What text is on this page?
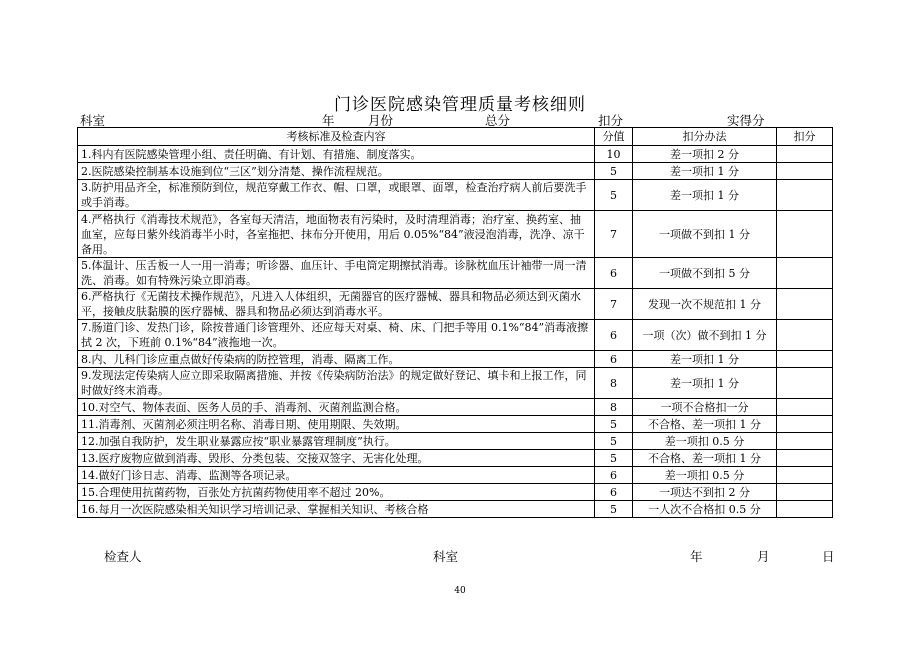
门诊医院感染管理质量考核细则
科室	年	月份	总分	扣分	实得分
考核标准及检查内容	分值	扣分办法	扣分
1.科内有医院感染管理小组、责任明确、有计划、有措施、制度落实。	10	差一项扣 2 分	
2.医院感染控制基本设施到位“三区”划分清楚、操作流程规范。	5	差一项扣 1 分	
3.防护用品齐全，标准预防到位，规范穿戴工作衣、帽、口罩，或眼罩、面罩，检查治疗病人前后要洗手或手消毒。	5	差一项扣 1 分	
4.严格执行《消毒技术规范》，各室每天清洁，地面物表有污染时，及时清理消毒；治疗室、换药室、抽血室，应每日紫外线消毒半小时，各室拖把、抹布分开使用，用后 0.05%“84”液浸泡消毒，洗净、凉干备用。	7	一项做不到扣 1 分	
5.体温计、压舌板一人一用一消毒；听诊器、血压计、手电筒定期擦拭消毒。诊脉枕血压计袖带一周一清洗、消毒。如有特殊污染立即消毒。	6	一项做不到扣 5 分	
6.严格执行《无菌技术操作规范》，凡进入人体组织，无菌器官的医疗器械、器具和物品必须达到灭菌水平，接触皮肤黏膜的医疗器械、器具和物品必须达到消毒水平。	7	发现一次不规范扣 1 分	
7.肠道门诊、发热门诊，除按普通门诊管理外、还应每天对桌、椅、床、门把手等用 0.1%“84”消毒液擦拭 2 次，下班前 0.1%“84”液拖地一次。	6	一项（次）做不到扣 1 分	
8.内、儿科门诊应重点做好传染病的防控管理，消毒、隔离工作。	6	差一项扣 1 分	
9.发现法定传染病人应立即采取隔离措施、并按《传染病防治法》的规定做好登记、填卡和上报工作，同时做好终末消毒。	8	差一项扣 1 分	
10.对空气、物体表面、医务人员的手、消毒剂、灭菌剂监测合格。	8	一项不合格扣一分	
11.消毒剂、灭菌剂必须注明名称、消毒日期、使用期限、失效期。	5	不合格、差一项扣 1 分	
12.加强自我防护，发生职业暴露应按“职业暴露管理制度”执行。	5	差一项扣 0.5 分	
13.医疗废物应做到消毒、毁形、分类包装、交接双签字、无害化处理。	5	不合格、差一项扣 1 分	
14.做好门诊日志、消毒、监测等各项记录。	6	差一项扣 0.5 分	
15.合理使用抗菌药物，百张处方抗菌药物使用率不超过 20%。	6	一项达不到扣 2 分	
16.每月一次医院感染相关知识学习培训记录、掌握相关知识、考核合格	5	一人次不合格扣 0.5 分	
检查人	科室	年	月	日
40
